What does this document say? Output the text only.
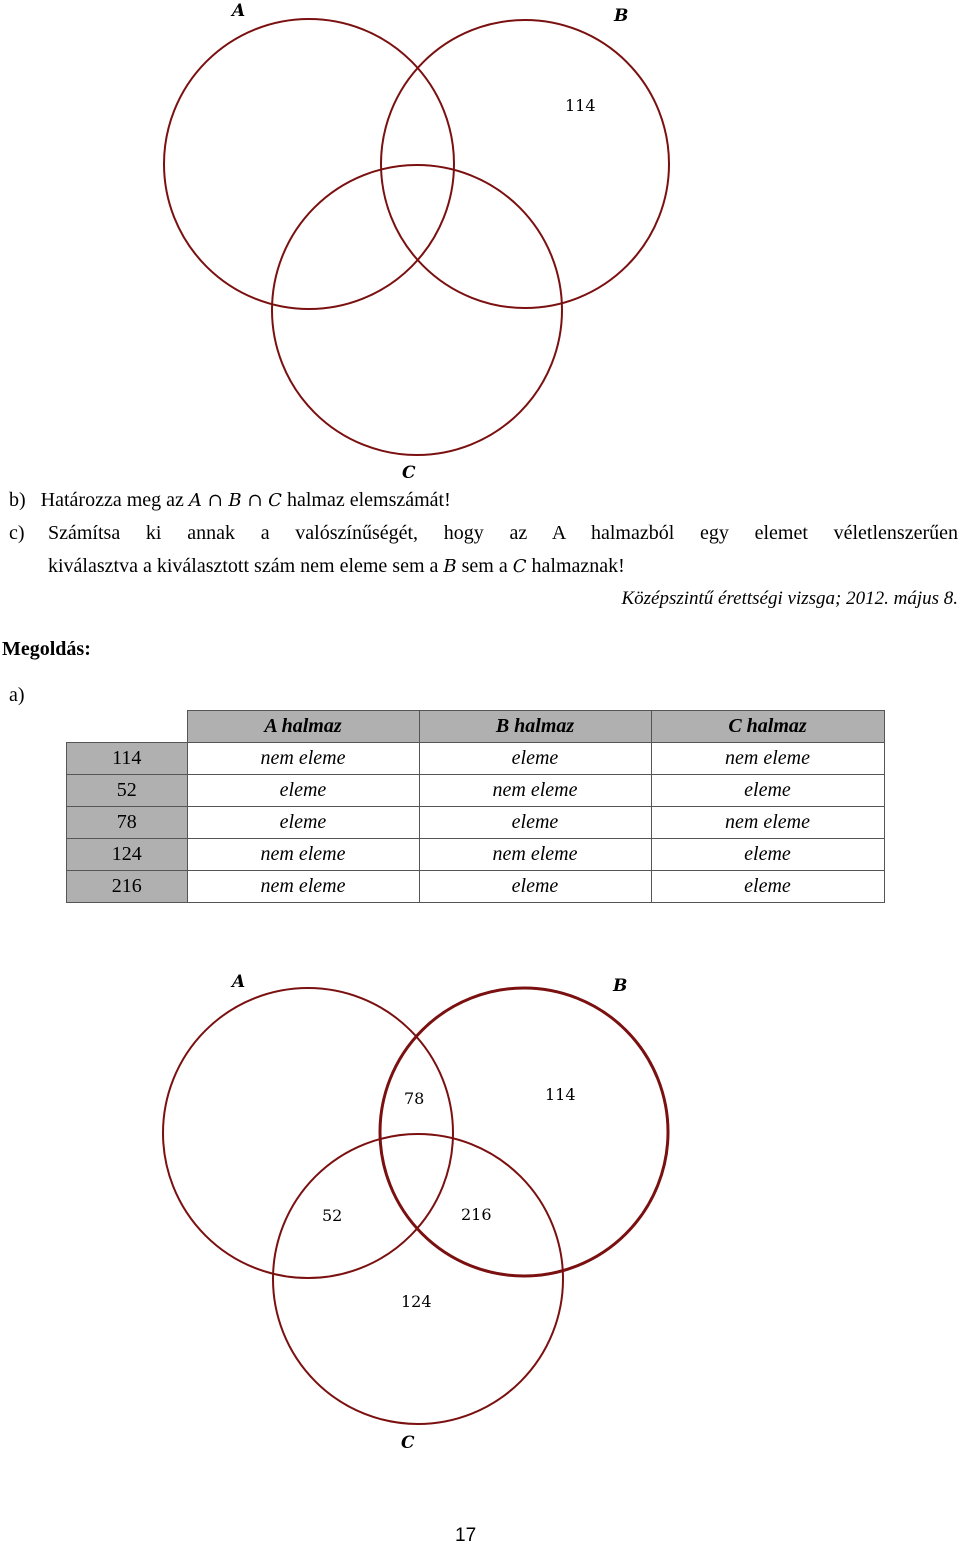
A	B
C
114
b) Határozza meg az A ∩ B ∩ C halmaz elemszámát!
c) Számítsa ki annak a valószínűségét, hogy az A halmazból egy elemet véletlenszerűen
kiválasztva a kiválasztott szám nem eleme sem a B sem a C halmaznak!
Középszintű érettségi vizsga; 2012. május 8.
Megoldás:
a)
	A halmaz	B halmaz	C halmaz
114	nem eleme	eleme	nem eleme
52	eleme	nem eleme	eleme
78	eleme	eleme	nem eleme
124	nem eleme	nem eleme	eleme
216	nem eleme	eleme	eleme
A	B
C
78	114
52	216
124
17
